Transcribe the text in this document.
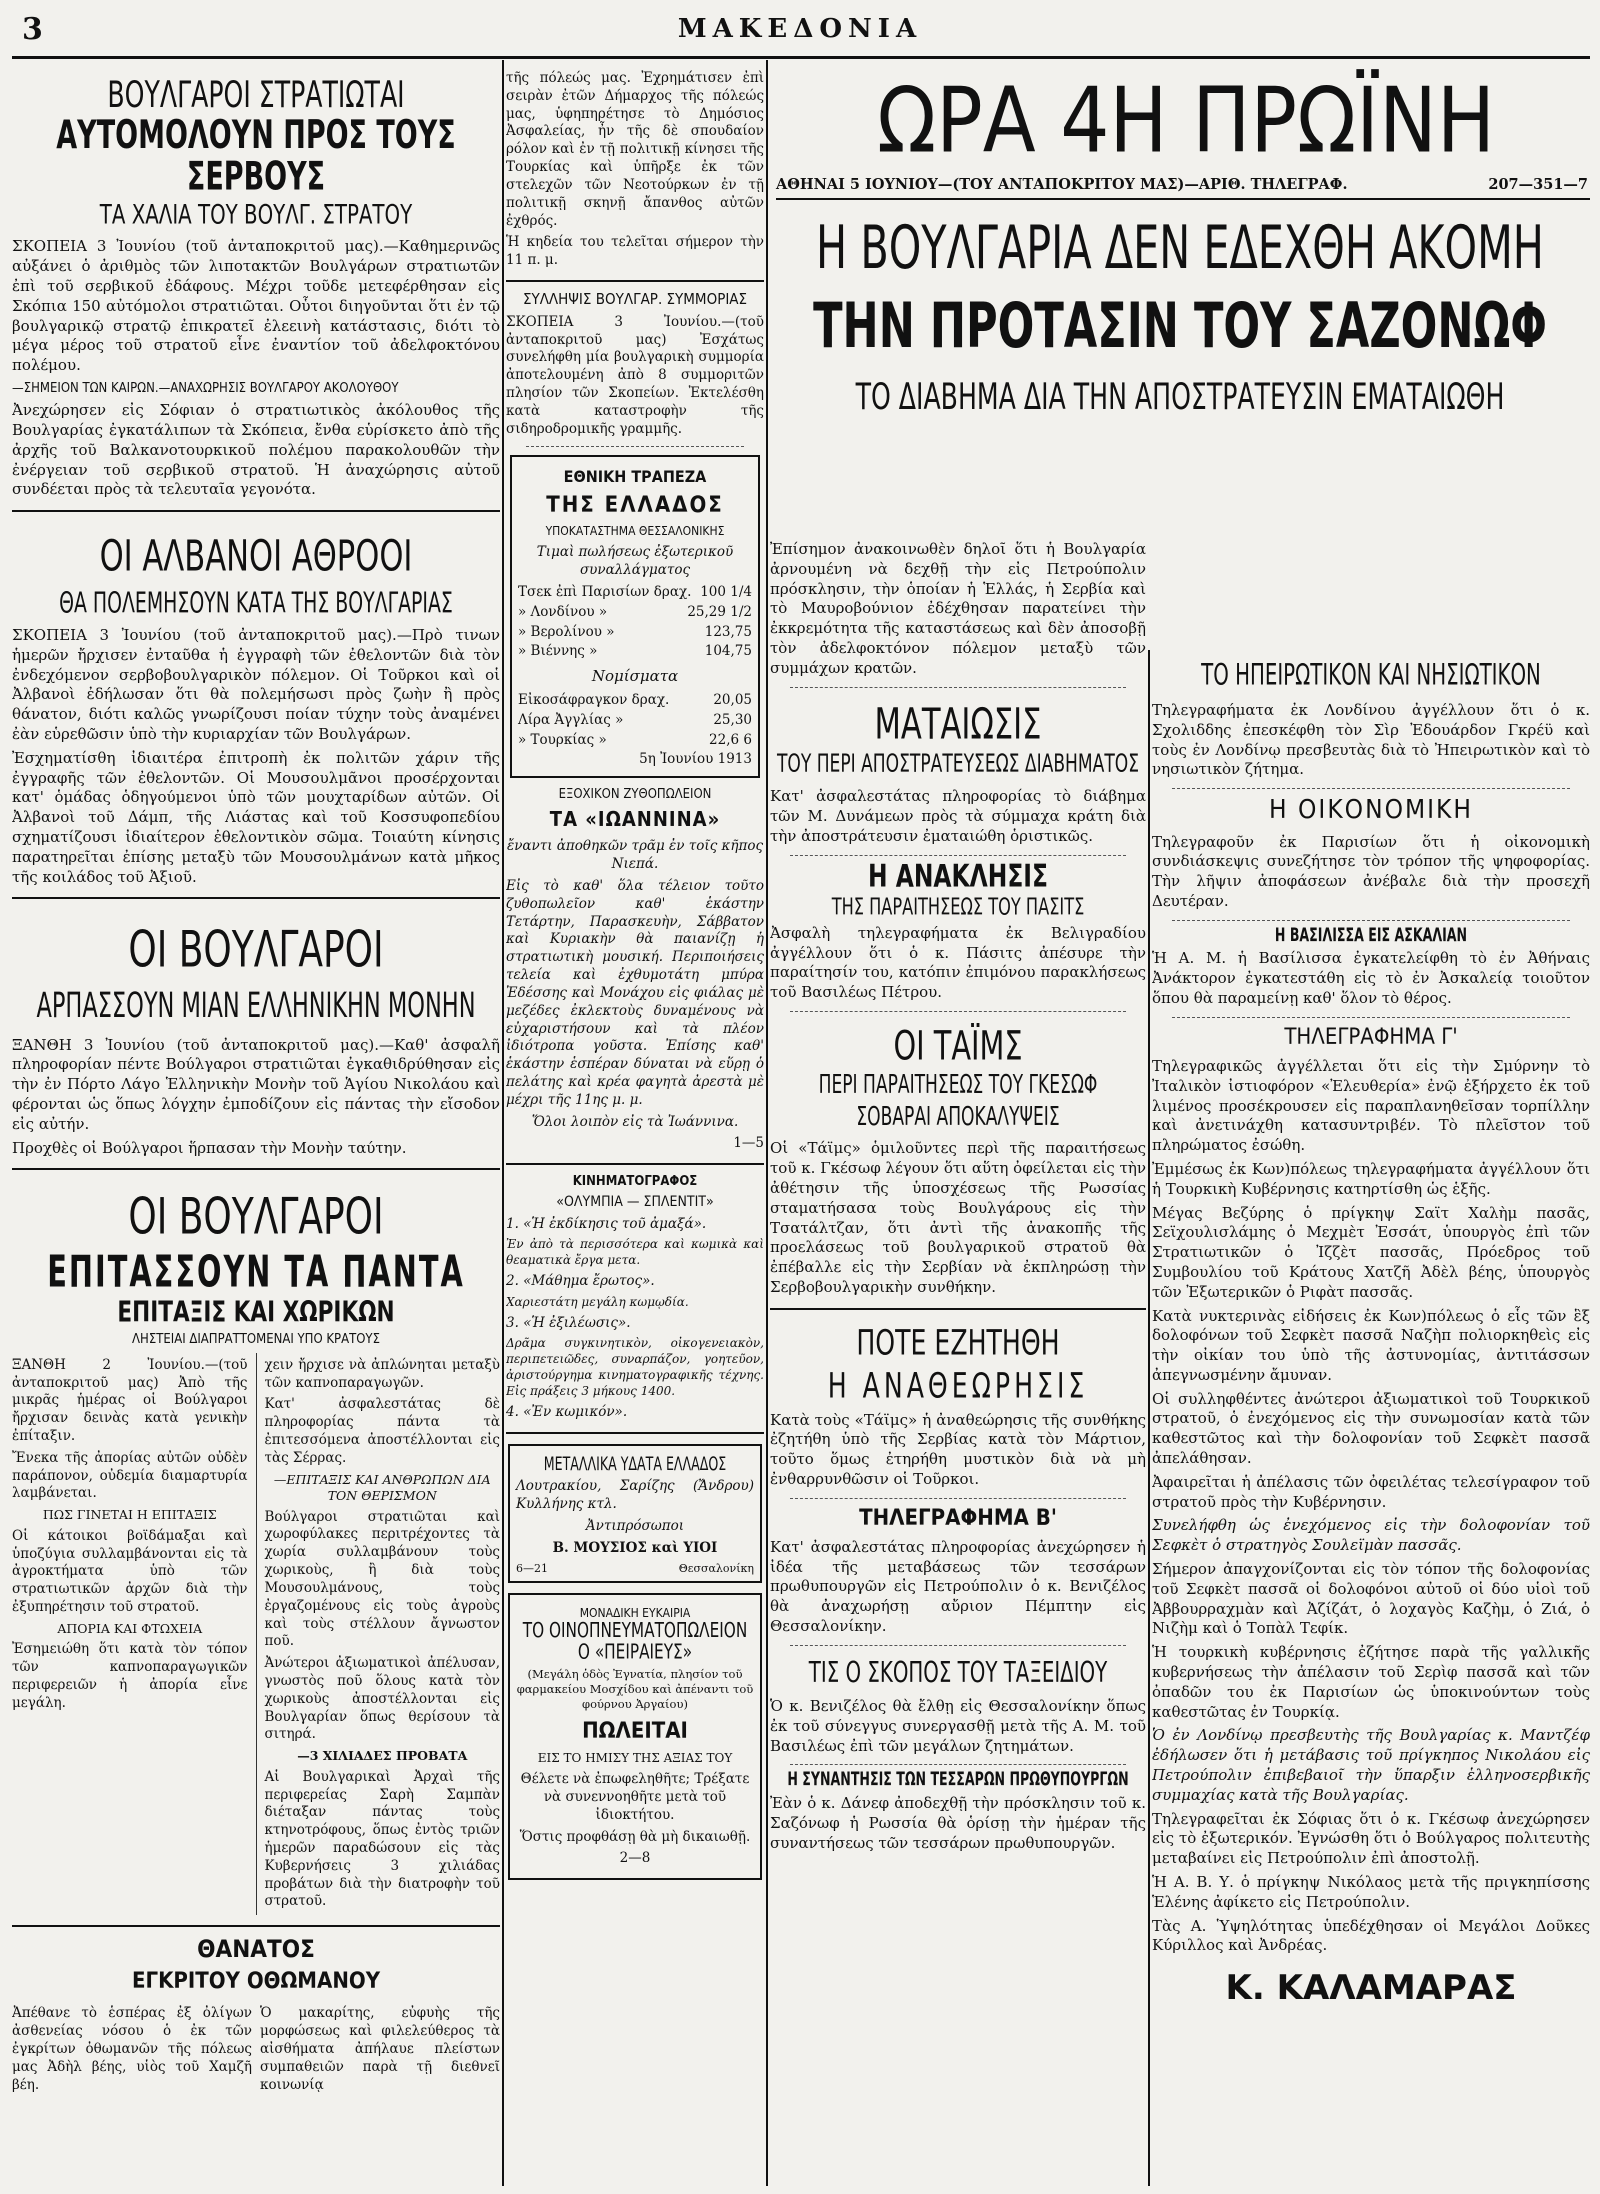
3	ΜΑΚΕΔΟΝΙΑ
ΒΟΥΛΓΑΡΟΙ ΣΤΡΑΤΙΩΤΑΙ
ΑΥΤΟΜΟΛΟΥΝ ΠΡΟΣ ΤΟΥΣ ΣΕΡΒΟΥΣ
ΤΑ ΧΑΛΙΑ ΤΟΥ ΒΟΥΛΓ. ΣΤΡΑΤΟΥ

ΣΚΟΠΕΙΑ 3 Ἰουνίου (τοῦ ἀνταποκριτοῦ μας).—Καθημερινῶς αὐξάνει ὁ ἀριθμὸς τῶν λιποτακτῶν Βουλγάρων στρατιωτῶν ἐπὶ τοῦ σερβικοῦ ἐδάφους. Μέχρι τοῦδε μετεφέρθησαν εἰς Σκόπια 150 αὐτόμολοι στρατιῶται. Οὗτοι διηγοῦνται ὅτι ἐν τῷ βουλγαρικῷ στρατῷ ἐπικρατεῖ ἐλεεινὴ κατάστασις, διότι τὸ μέγα μέρος τοῦ στρατοῦ εἶνε ἐναντίον τοῦ ἀδελφοκτόνου πολέμου.

—ΣΗΜΕΙΟΝ ΤΩΝ ΚΑΙΡΩΝ.—ΑΝΑΧΩΡΗΣΙΣ ΒΟΥΛΓΑΡΟΥ ΑΚΟΛΟΥΘΟΥ

Ἀνεχώρησεν εἰς Σόφιαν ὁ στρατιωτικὸς ἀκόλουθος τῆς Βουλγαρίας ἐγκατάλιπων τὰ Σκόπεια, ἔνθα εὑρίσκετο ἀπὸ τῆς ἀρχῆς τοῦ Βαλκανοτουρκικοῦ πολέμου παρακολουθῶν τὴν ἐνέργειαν τοῦ σερβικοῦ στρατοῦ. Ἡ ἀναχώρησις αὐτοῦ συνδέεται πρὸς τὰ τελευταῖα γεγονότα.

ΟΙ ΑΛΒΑΝΟΙ ΑΘΡΟΟΙ
ΘΑ ΠΟΛΕΜΗΣΟΥΝ ΚΑΤΑ ΤΗΣ ΒΟΥΛΓΑΡΙΑΣ

ΣΚΟΠΕΙΑ 3 Ἰουνίου (τοῦ ἀνταποκριτοῦ μας).—Πρὸ τινων ἡμερῶν ἤρχισεν ἐνταῦθα ἡ ἐγγραφὴ τῶν ἐθελοντῶν διὰ τὸν ἐνδεχόμενον σερβοβουλγαρικὸν πόλεμον. Οἱ Τοῦρκοι καὶ οἱ Ἀλβανοὶ ἐδήλωσαν ὅτι θὰ πολεμήσωσι πρὸς ζωὴν ἢ πρὸς θάνατον, διότι καλῶς γνωρίζουσι ποίαν τύχην τοὺς ἀναμένει ἐὰν εὑρεθῶσιν ὑπὸ τὴν κυριαρχίαν τῶν Βουλγάρων.

Ἐσχηματίσθη ἰδιαιτέρα ἐπιτροπὴ ἐκ πολιτῶν χάριν τῆς ἐγγραφῆς τῶν ἐθελοντῶν. Οἱ Μουσουλμᾶνοι προσέρχονται κατ' ὁμάδας ὁδηγούμενοι ὑπὸ τῶν μουχταρίδων αὐτῶν. Οἱ Ἀλβανοὶ τοῦ Δάμπ, τῆς Λιάστας καὶ τοῦ Κοσσυφοπεδίου σχηματίζουσι ἰδιαίτερον ἐθελοντικὸν σῶμα. Τοιαύτη κίνησις παρατηρεῖται ἐπίσης μεταξὺ τῶν Μουσουλμάνων κατὰ μῆκος τῆς κοιλάδος τοῦ Ἀξιοῦ.

ΟΙ ΒΟΥΛΓΑΡΟΙ
ΑΡΠΑΣΣΟΥΝ ΜΙΑΝ ΕΛΛΗΝΙΚΗΝ ΜΟΝΗΝ

ΞΑΝΘΗ 3 Ἰουνίου (τοῦ ἀνταποκριτοῦ μας).—Καθ' ἀσφαλῆ πληροφορίαν πέντε Βούλγαροι στρατιῶται ἐγκαθιδρύθησαν εἰς τὴν ἐν Πόρτο Λάγο Ἑλληνικὴν Μονὴν τοῦ Ἁγίου Νικολάου καὶ φέρονται ὡς ὅπως λόγχην ἐμποδίζουν εἰς πάντας τὴν εἴσοδον εἰς αὐτήν.

Προχθὲς οἱ Βούλγαροι ἥρπασαν τὴν Μονὴν ταύτην.

ΟΙ ΒΟΥΛΓΑΡΟΙ
ΕΠΙΤΑΣΣΟΥΝ ΤΑ ΠΑΝΤΑ
ΕΠΙΤΑΞΙΣ ΚΑΙ ΧΩΡΙΚΩΝ
ΛΗΣΤΕΙΑΙ ΔΙΑΠΡΑΤΤΟΜΕΝΑΙ ΥΠΟ ΚΡΑΤΟΥΣ

ΞΑΝΘΗ 2 Ἰουνίου.—(τοῦ ἀνταποκριτοῦ μας) Ἀπὸ τῆς μικρᾶς ἡμέρας οἱ Βούλγαροι ἤρχισαν δεινὰς κατὰ γενικὴν ἐπίταξιν.

Ἔνεκα τῆς ἀπορίας αὐτῶν οὐδὲν παράπονον, οὐδεμία διαμαρτυρία λαμβάνεται.

ΠΩΣ ΓΙΝΕΤΑΙ Η ΕΠΙΤΑΞΙΣ

Οἱ κάτοικοι βοϊδάμαξαι καὶ ὑποζύγια συλλαμβάνονται εἰς τὰ ἀγροκτήματα ὑπὸ τῶν στρατιωτικῶν ἀρχῶν διὰ τὴν ἐξυπηρέτησιν τοῦ στρατοῦ.

ΑΠΟΡΙΑ ΚΑΙ ΦΤΩΧΕΙΑ

Ἐσημειώθη ὅτι κατὰ τὸν τόπον τῶν καπνοπαραγωγικῶν περιφερειῶν ἡ ἀπορία εἶνε μεγάλη.

χειν ἤρχισε νὰ ἀπλώνηται μεταξὺ τῶν καπνοπαραγωγῶν.

Κατ' ἀσφαλεστάτας δὲ πληροφορίας πάντα τὰ ἐπιτεσσόμενα ἀποστέλλονται εἰς τὰς Σέρρας.

—ΕΠΙΤΑΞΙΣ ΚΑΙ ΑΝΘΡΩΠΩΝ ΔΙΑ ΤΟΝ ΘΕΡΙΣΜΟΝ

Βούλγαροι στρατιῶται καὶ χωροφύλακες περιτρέχοντες τὰ χωρία συλλαμβάνουν τοὺς χωρικοὺς, ἢ διὰ τοὺς Μουσουλμάνους, τοὺς ἐργαζομένους εἰς τοὺς ἀγροὺς καὶ τοὺς στέλλουν ἄγνωστον ποῦ.

Ἀνώτεροι ἀξιωματικοὶ ἀπέλυσαν, γνωστὸς ποῦ ὅλους κατὰ τὸν χωρικοὺς ἀποστέλλονται εἰς Βουλγαρίαν ὅπως θερίσουν τὰ σιτηρά.

—3 ΧΙΛΙΑΔΕΣ ΠΡΟΒΑΤΑ

Αἱ Βουλγαρικαὶ Ἀρχαὶ τῆς περιφερείας Σαρὴ Σαμπὰν διέταξαν πάντας τοὺς κτηνοτρόφους, ὅπως ἐντὸς τριῶν ἡμερῶν παραδώσουν εἰς τὰς Κυβερνήσεις 3 χιλιάδας προβάτων διὰ τὴν διατροφὴν τοῦ στρατοῦ.

ΘΑΝΑΤΟΣ
ΕΓΚΡΙΤΟΥ ΟΘΩΜΑΝΟΥ

Ἀπέθανε τὸ ἑσπέρας ἐξ ὀλίγων ἀσθενείας νόσου ὁ ἐκ τῶν ἐγκρίτων ὀθωμανῶν τῆς πόλεως μας Ἀδὴλ βέης, υἱὸς τοῦ Χαμζῆ βέη.

Ὁ μακαρίτης, εὐφυὴς τῆς μορφώσεως καὶ φιλελεύθερος τὰ αἰσθήματα ἀπήλαυε πλείστων συμπαθειῶν παρὰ τῇ διεθνεῖ κοινωνίᾳ

τῆς πόλεώς μας. Ἐχρημάτισεν ἐπὶ σειρὰν ἐτῶν Δήμαρχος τῆς πόλεώς μας, ὑφηπηρέτησε τὸ Δημόσιος Ἀσφαλείας, ἦν τῆς δὲ σπουδαίον ρόλον καὶ ἐν τῇ πολιτικῇ κίνησει τῆς Τουρκίας καὶ ὑπῆρξε ἐκ τῶν στελεχῶν τῶν Νεοτούρκων ἐν τῇ πολιτικῇ σκηνῇ ἄπανθος αὐτῶν ἐχθρός.

Ἡ κηδεία του τελεῖται σήμερον τὴν 11 π. μ.

ΣΥΛΛΗΨΙΣ ΒΟΥΛΓΑΡ. ΣΥΜΜΟΡΙΑΣ

ΣΚΟΠΕΙΑ 3 Ἰουνίου.—(τοῦ ἀνταποκριτοῦ μας) Ἐσχάτως συνελήφθη μία βουλγαρικὴ συμμορία ἀποτελουμένη ἀπὸ 8 συμμοριτῶν πλησίον τῶν Σκοπείων. Ἐκτελέσθη κατὰ καταστροφὴν τῆς σιδηροδρομικῆς γραμμῆς.

ΕΘΝΙΚΗ ΤΡΑΠΕΖΑ
ΤΗΣ ΕΛΛΑΔΟΣ
ΥΠΟΚΑΤΑΣΤΗΜΑ ΘΕΣΣΑΛΟΝΙΚΗΣ

Τιμαὶ πωλήσεως ἐξωτερικοῦ συναλλάγματος

Τσεκ ἐπὶ Παρισίων δραχ. 100 1/4
» Λονδίνου »	25,29 1/2
» Βερολίνου »	123,75
» Βιέννης »	104,75
Νομίσματα
Εἰκοσάφραγκον δραχ.	20,05
Λίρα Ἀγγλίας »	25,30
» Τουρκίας »	22,6 6
5η Ἰουνίου 1913
ΕΞΟΧΙΚΟΝ ΖΥΘΟΠΩΛΕΙΟΝ
ΤΑ «ΙΩΑΝΝΙΝΑ»

ἔναντι ἀποθηκῶν τρᾶμ ἐν τοῖς κῆπος Νιεπά.

Εἰς τὸ καθ' ὅλα τέλειον τοῦτο ζυθοπωλεῖον καθ' ἑκάστην Τετάρτην, Παρασκευὴν, Σάββατον καὶ Κυριακὴν θὰ παιανίζῃ ἡ στρατιωτικὴ μουσική. Περιποιήσεις τελεία καὶ ἐχθυμοτάτη μπύρα Ἐδέσσης καὶ Μονάχου εἰς φιάλας μὲ μεζέδες ἐκλεκτοὺς δυναμένους νὰ εὐχαριστήσουν καὶ τὰ πλέον ἰδιότροπα γοῦστα. Ἐπίσης καθ' ἑκάστην ἑσπέραν δύναται νὰ εὕρῃ ὁ πελάτης καὶ κρέα φαγητὰ ἀρεστὰ μὲ μέχρι τῆς 11ης μ. μ.

Ὅλοι λοιπὸν εἰς τὰ Ἰωάννινα.

1—5

ΚΙΝΗΜΑΤΟΓΡΑΦΟΣ
«ΟΛΥΜΠΙΑ — ΣΠΛΕΝΤΙΤ»

1. «Ἡ ἐκδίκησις τοῦ ἀμαξά».

Ἐν ἀπὸ τὰ περισσότερα καὶ κωμικὰ καὶ θεαματικὰ ἔργα μετα.

2. «Μάθημα ἔρωτος».

Χαριεστάτη μεγάλη κωμῳδία.

3. «Ἡ ἐξιλέωσις».

Δρᾶμα συγκινητικὸν, οἰκογενειακὸν, περιπετειῶδες, συναρπάζον, γοητεῦον, ἀριστούργημα κινηματογραφικῆς τέχνης. Εἰς πράξεις 3 μήκους 1400.

4. «Ἐν κωμικόν».

ΜΕΤΑΛΛΙΚΑ ΥΔΑΤΑ ΕΛΛΑΔΟΣ

Λουτρακίου, Σαρίζης (Ἄνδρου) Κυλλήνης κτλ.

Ἀντιπρόσωποι

Β. ΜΟΥΣΙΟΣ καὶ ΥΙΟΙ

6—21	Θεσσαλονίκη
ΜΟΝΑΔΙΚΗ ΕΥΚΑΙΡΙΑ
ΤΟ ΟΙΝΟΠΝΕΥΜΑΤΟΠΩΛΕΙΟΝ Ο «ΠΕΙΡΑΙΕΥΣ»

(Μεγάλη ὁδὸς Ἐγνατία, πλησίον τοῦ φαρμακείου Μοσχίδου καὶ ἀπέναντι τοῦ φούρνου Ἀργαίου)

ΠΩΛΕΙΤΑΙ

ΕΙΣ ΤΟ ΗΜΙΣΥ ΤΗΣ ΑΞΙΑΣ ΤΟΥ

Θέλετε νὰ ἐπωφεληθῆτε; Τρέξατε νὰ συνεννοηθῆτε μετὰ τοῦ ἰδιοκτήτου.

Ὅστις προφθάσῃ θὰ μὴ δικαιωθῇ.

2—8

ΩΡΑ 4Η ΠΡΩΪΝΗ
ΑΘΗΝΑΙ 5 ΙΟΥΝΙΟΥ—(ΤΟΥ ΑΝΤΑΠΟΚΡΙΤΟΥ ΜΑΣ)—ΑΡΙΘ. ΤΗΛΕΓΡΑΦ.	207—351—7
Η ΒΟΥΛΓΑΡΙΑ ΔΕΝ ΕΔΕΧΘΗ ΑΚΟΜΗ
ΤΗΝ ΠΡΟΤΑΣΙΝ ΤΟΥ ΣΑΖΟΝΩΦ
ΤΟ ΔΙΑΒΗΜΑ ΔΙΑ ΤΗΝ ΑΠΟΣΤΡΑΤΕΥΣΙΝ ΕΜΑΤΑΙΩΘΗ

Ἐπίσημον ἀνακοινωθὲν δηλοῖ ὅτι ἡ Βουλγαρία ἀρνουμένη νὰ δεχθῇ τὴν εἰς Πετρούπολιν πρόσκλησιν, τὴν ὁποίαν ἡ Ἑλλάς, ἡ Σερβία καὶ τὸ Μαυροβούνιον ἐδέχθησαν παρατείνει τὴν ἐκκρεμότητα τῆς καταστάσεως καὶ δὲν ἀποσοβῇ τὸν ἀδελφοκτόνον πόλεμον μεταξὺ τῶν συμμάχων κρατῶν.

ΜΑΤΑΙΩΣΙΣ
ΤΟΥ ΠΕΡΙ ΑΠΟΣΤΡΑΤΕΥΣΕΩΣ ΔΙΑΒΗΜΑΤΟΣ

Κατ' ἀσφαλεστάτας πληροφορίας τὸ διάβημα τῶν Μ. Δυνάμεων πρὸς τὰ σύμμαχα κράτη διὰ τὴν ἀποστράτευσιν ἐματαιώθη ὁριστικῶς.

Η ΑΝΑΚΛΗΣΙΣ
ΤΗΣ ΠΑΡΑΙΤΗΣΕΩΣ ΤΟΥ ΠΑΣΙΤΣ

Ἀσφαλὴ τηλεγραφήματα ἐκ Βελιγραδίου ἀγγέλλουν ὅτι ὁ κ. Πάσιτς ἀπέσυρε τὴν παραίτησίν του, κατόπιν ἐπιμόνου παρακλήσεως τοῦ Βασιλέως Πέτρου.

ΟΙ ΤΑΪΜΣ
ΠΕΡΙ ΠΑΡΑΙΤΗΣΕΩΣ ΤΟΥ ΓΚΕΣΩΦ
ΣΟΒΑΡΑΙ ΑΠΟΚΑΛΥΨΕΙΣ

Οἱ «Τάϊμς» ὁμιλοῦντες περὶ τῆς παραιτήσεως τοῦ κ. Γκέσωφ λέγουν ὅτι αὕτη ὀφείλεται εἰς τὴν ἀθέτησιν τῆς ὑποσχέσεως τῆς Ρωσσίας σταματήσασα τοὺς Βουλγάρους εἰς τὴν Τσατάλτζαν, ὅτι ἀντὶ τῆς ἀνακοπῆς τῆς προελάσεως τοῦ βουλγαρικοῦ στρατοῦ θὰ ἐπέβαλλε εἰς τὴν Σερβίαν νὰ ἐκπληρώσῃ τὴν Σερβοβουλγαρικὴν συνθήκην.

ΠΟΤΕ ΕΖΗΤΗΘΗ
Η ΑΝΑΘΕΩΡΗΣΙΣ

Κατὰ τοὺς «Τάϊμς» ἡ ἀναθεώρησις τῆς συνθήκης ἐζητήθη ὑπὸ τῆς Σερβίας κατὰ τὸν Μάρτιον, τοῦτο ὅμως ἐτηρήθη μυστικὸν διὰ νὰ μὴ ἐνθαρρυνθῶσιν οἱ Τοῦρκοι.

ΤΗΛΕΓΡΑΦΗΜΑ Β'

Κατ' ἀσφαλεστάτας πληροφορίας ἀνεχώρησεν ἡ ἰδέα τῆς μεταβάσεως τῶν τεσσάρων πρωθυπουργῶν εἰς Πετρούπολιν ὁ κ. Βενιζέλος θὰ ἀναχωρήσῃ αὔριον Πέμπτην εἰς Θεσσαλονίκην.

ΤΙΣ Ο ΣΚΟΠΟΣ ΤΟΥ ΤΑΞΕΙΔΙΟΥ

Ὁ κ. Βενιζέλος θὰ ἔλθῃ εἰς Θεσσαλονίκην ὅπως ἐκ τοῦ σύνεγγυς συνεργασθῇ μετὰ τῆς Α. Μ. τοῦ Βασιλέως ἐπὶ τῶν μεγάλων ζητημάτων.

Η ΣΥΝΑΝΤΗΣΙΣ ΤΩΝ ΤΕΣΣΑΡΩΝ ΠΡΩΘΥΠΟΥΡΓΩΝ

Ἐὰν ὁ κ. Δάνεφ ἀποδεχθῇ τὴν πρόσκλησιν τοῦ κ. Σαζόνωφ ἡ Ρωσσία θὰ ὁρίσῃ τὴν ἡμέραν τῆς συναντήσεως τῶν τεσσάρων πρωθυπουργῶν.

ΤΟ ΗΠΕΙΡΩΤΙΚΟΝ ΚΑΙ ΝΗΣΙΩΤΙΚΟΝ

Τηλεγραφήματα ἐκ Λονδίνου ἀγγέλλουν ὅτι ὁ κ. Σχολιδδης ἐπεσκέφθη τὸν Σὶρ Ἐδουάρδον Γκρέϋ καὶ τοὺς ἐν Λονδίνῳ πρεσβευτὰς διὰ τὸ Ἠπειρωτικὸν καὶ τὸ νησιωτικὸν ζήτημα.

Η ΟΙΚΟΝΟΜΙΚΗ

Τηλεγραφοῦν ἐκ Παρισίων ὅτι ἡ οἰκονομικὴ συνδιάσκεψις συνεζήτησε τὸν τρόπον τῆς ψηφοφορίας. Τὴν λῆψιν ἀποφάσεων ἀνέβαλε διὰ τὴν προσεχῆ Δευτέραν.

Η ΒΑΣΙΛΙΣΣΑ ΕΙΣ ΑΣΚΑΛΙΑΝ

Ἡ Α. Μ. ἡ Βασίλισσα ἐγκατελείφθη τὸ ἐν Ἀθήναις Ἀνάκτορον ἐγκατεστάθη εἰς τὸ ἐν Ἀσκαλείᾳ τοιοῦτον ὅπου θὰ παραμείνῃ καθ' ὅλον τὸ θέρος.

ΤΗΛΕΓΡΑΦΗΜΑ Γ'

Τηλεγραφικῶς ἀγγέλλεται ὅτι εἰς τὴν Σμύρνην τὸ Ἰταλικὸν ἰστιοφόρον «Ἐλευθερία» ἐνῷ ἐξήρχετο ἐκ τοῦ λιμένος προσέκρουσεν εἰς παραπλανηθεῖσαν τορπίλλην καὶ ἀνετινάχθη κατασυντριβέν. Τὸ πλεῖστον τοῦ πληρώματος ἐσώθη.

Ἐμμέσως ἐκ Κων)πόλεως τηλεγραφήματα ἀγγέλλουν ὅτι ἡ Τουρκικὴ Κυβέρνησις κατηρτίσθη ὡς ἑξῆς.

Μέγας Βεζύρης ὁ πρίγκηψ Σαϊτ Χαλὴμ πασᾶς, Σεϊχουλισλάμης ὁ Μεχμὲτ Ἐσσάτ, ὑπουργὸς ἐπὶ τῶν Στρατιωτικῶν ὁ Ἰζζὲτ πασσᾶς, Πρόεδρος τοῦ Συμβουλίου τοῦ Κράτους Χατζῆ Ἀδὲλ βέης, ὑπουργὸς τῶν Ἐξωτερικῶν ὁ Ριφὰτ πασσᾶς.

Κατὰ νυκτερινὰς εἰδήσεις ἐκ Κων)πόλεως ὁ εἷς τῶν ἓξ δολοφόνων τοῦ Σεφκὲτ πασσᾶ Ναζὴπ πολιορκηθεὶς εἰς τὴν οἰκίαν του ὑπὸ τῆς ἀστυνομίας, ἀντιτάσσων ἀπεγνωσμένην ἄμυναν.

Οἱ συλληφθέντες ἀνώτεροι ἀξιωματικοὶ τοῦ Τουρκικοῦ στρατοῦ, ὁ ἐνεχόμενος εἰς τὴν συνωμοσίαν κατὰ τῶν καθεστῶτος καὶ τὴν δολοφονίαν τοῦ Σεφκὲτ πασσᾶ ἀπελάθησαν.

Ἀφαιρεῖται ἡ ἀπέλασις τῶν ὀφειλέτας τελεσίγραφον τοῦ στρατοῦ πρὸς τὴν Κυβέρνησιν.

Συνελήφθη ὡς ἐνεχόμενος εἰς τὴν δολοφονίαν τοῦ Σεφκὲτ ὁ στρατηγὸς Σουλεϊμὰν πασσᾶς.

Σήμερον ἀπαγχονίζονται εἰς τὸν τόπον τῆς δολοφονίας τοῦ Σεφκὲτ πασσᾶ οἱ δολοφόνοι αὐτοῦ οἱ δύο υἱοὶ τοῦ Ἀββουρραχμὰν καὶ Ἀζίζάτ, ὁ λοχαγὸς Καζὴμ, ὁ Ζιά, ὁ Νιζὴμ καὶ ὁ Τοπὰλ Τεφίκ.

Ἡ τουρκικὴ κυβέρνησις ἐζήτησε παρὰ τῆς γαλλικῆς κυβερνήσεως τὴν ἀπέλασιν τοῦ Σερὶφ πασσᾶ καὶ τῶν ὀπαδῶν του ἐκ Παρισίων ὡς ὑποκινούντων τοὺς καθεστῶτας ἐν Τουρκίᾳ.

Ὁ ἐν Λονδίνῳ πρεσβευτὴς τῆς Βουλγαρίας κ. Μαντζέφ ἐδήλωσεν ὅτι ἡ μετάβασις τοῦ πρίγκηπος Νικολάου εἰς Πετρούπολιν ἐπιβεβαιοῖ τὴν ὕπαρξιν ἑλληνοσερβικῆς συμμαχίας κατὰ τῆς Βουλγαρίας.

Τηλεγραφεῖται ἐκ Σόφιας ὅτι ὁ κ. Γκέσωφ ἀνεχώρησεν εἰς τὸ ἐξωτερικόν. Ἐγνώσθη ὅτι ὁ Βούλγαρος πολιτευτὴς μεταβαίνει εἰς Πετρούπολιν ἐπὶ ἀποστολῇ.

Ἡ Α. Β. Υ. ὁ πρίγκηψ Νικόλαος μετὰ τῆς πριγκηπίσσης Ἑλένης ἀφίκετο εἰς Πετρούπολιν.

Τὰς Α. Ὑψηλότητας ὑπεδέχθησαν οἱ Μεγάλοι Δοῦκες Κύριλλος καὶ Ἀνδρέας.

Κ. ΚΑΛΑΜΑΡΑΣ
